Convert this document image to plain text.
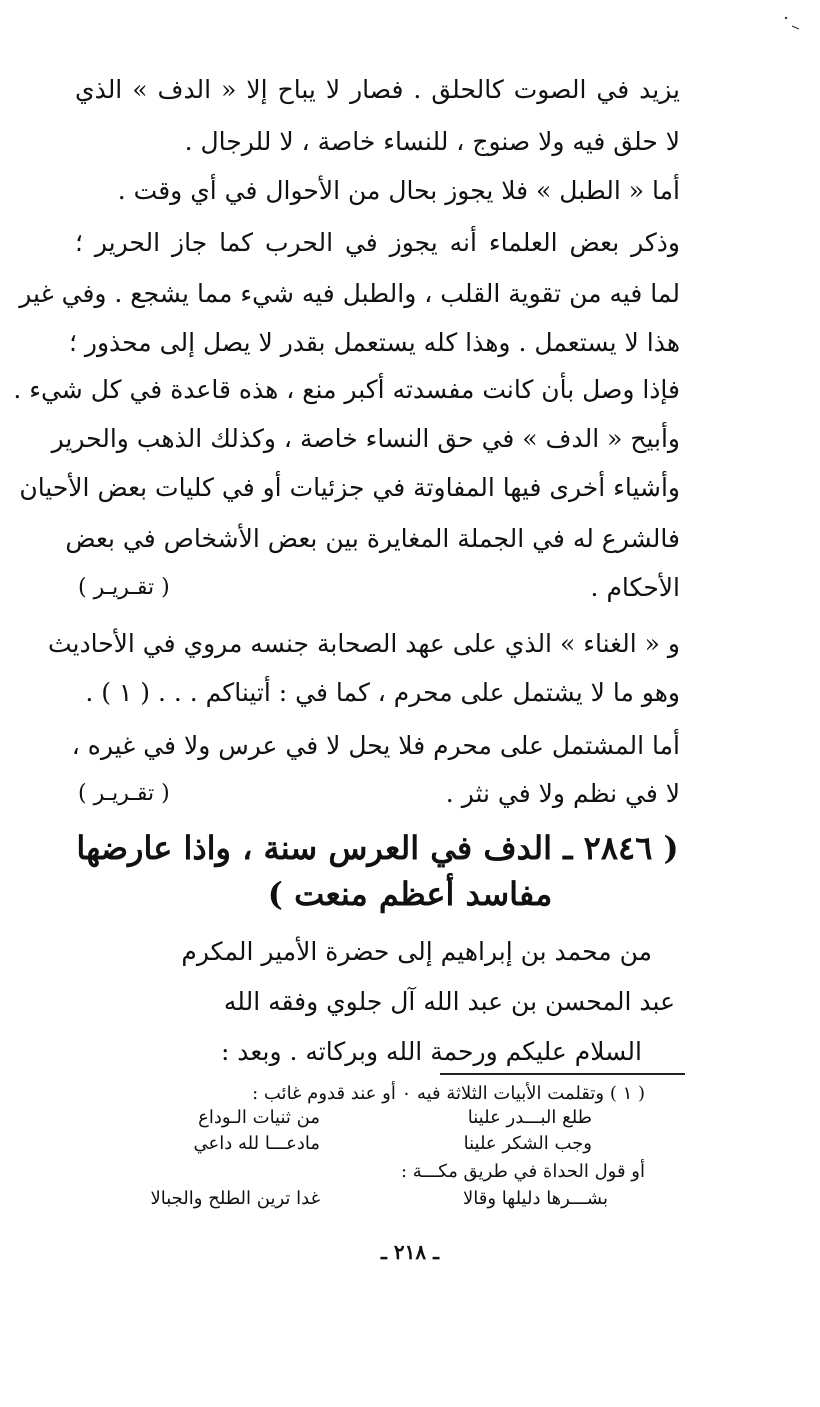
يزيد في الصوت كالحلق . فصار لا يباح إلا « الدف » الذي
لا حلق فيه ولا صنوج ، للنساء خاصة ، لا للرجال .
أما « الطبل » فلا يجوز بحال من الأحوال في أي وقت .
وذكر بعض العلماء أنه يجوز في الحرب كما جاز الحرير ؛
لما فيه من تقوية القلب ، والطبل فيه شيء مما يشجع . وفي غير
هذا لا يستعمل . وهذا كله يستعمل بقدر لا يصل إلى محذور ؛
فإذا وصل بأن كانت مفسدته أكبر منع ، هذه قاعدة في كل شيء .
وأبيح « الدف » في حق النساء خاصة ، وكذلك الذهب والحرير
وأشياء أخرى فيها المفاوتة في جزئيات أو في كليات بعض الأحيان
فالشرع له في الجملة المغايرة بين بعض الأشخاص في بعض
الأحكام .
( تقـريـر )
و « الغناء » الذي على عهد الصحابة جنسه مروي في الأحاديث
وهو ما لا يشتمل على محرم ، كما في : أتيناكم . . . ( ١ ) .
أما المشتمل على محرم فلا يحل لا في عرس ولا في غيره ،
لا في نظم ولا في نثر .
( تقـريـر )
( ٢٨٤٦ ـ الدف في العرس سنة ، واذا عارضها
مفاسد أعظم منعت )
من محمد بن إبراهيم إلى حضرة الأمير المكرم
عبد المحسن بن عبد الله آل جلوي وفقه الله
السلام عليكم ورحمة الله وبركاته . وبعد :
( ١ ) وتقلمت الأبيات الثلاثة فيه ٠ أو عند قدوم غائب :
طلع البـــدر علينا
من ثنيات الـوداع
وجب الشكر علينا
مادعـــا لله داعي
أو قول الحداة في طريق مكـــة :
بشـــرها دليلها وقالا
غدا ترين الطلح والجبالا
ـ ٢١٨ ـ
